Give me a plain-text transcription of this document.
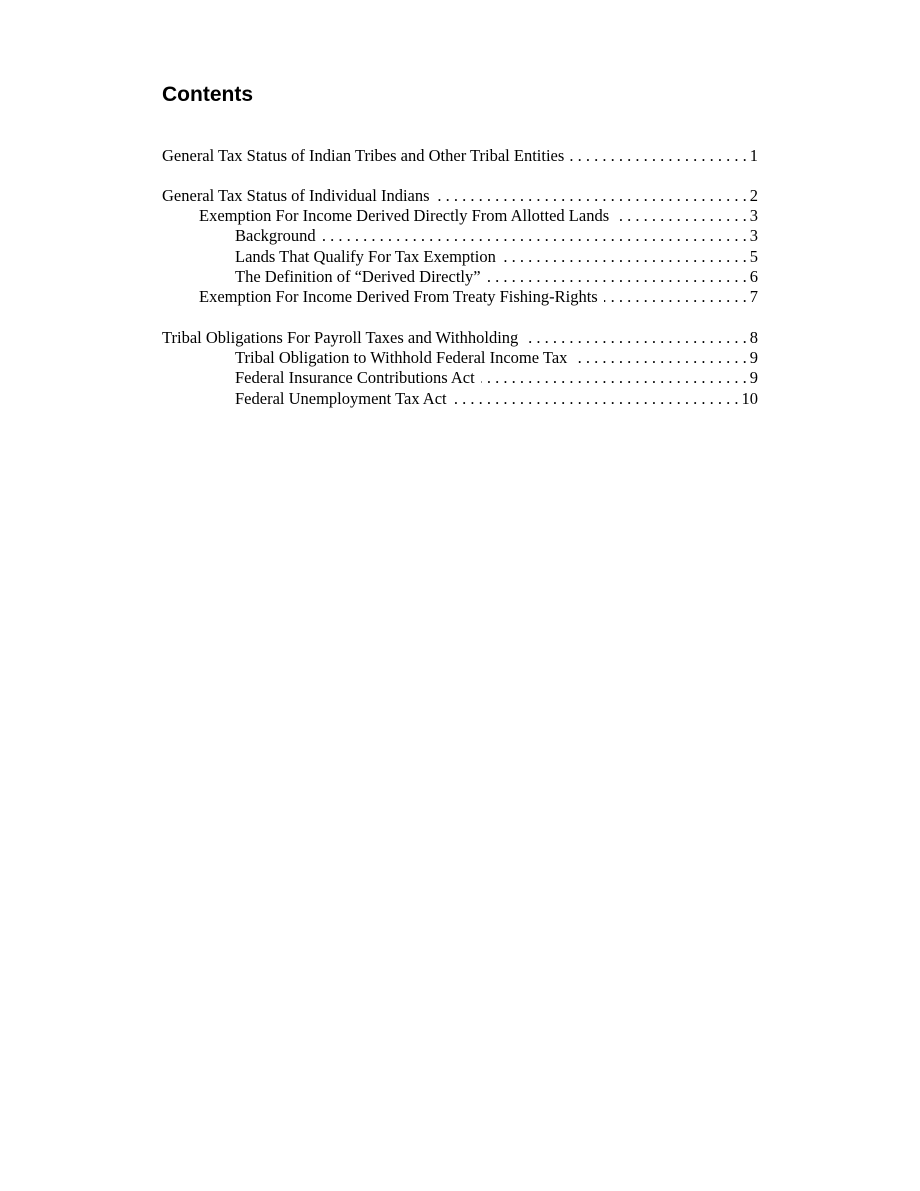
Contents
General Tax Status of Indian Tribes and Other Tribal Entities . . .	1
General Tax Status of Individual Indians . . .	2
Exemption For Income Derived Directly From Allotted Lands . . .	3
Background . . .	3
Lands That Qualify For Tax Exemption . . .	5
The Definition of “Derived Directly” . . .	6
Exemption For Income Derived From Treaty Fishing-Rights . . .	7
Tribal Obligations For Payroll Taxes and Withholding . . .	8
Tribal Obligation to Withhold Federal Income Tax . . .	9
Federal Insurance Contributions Act . . .	9
Federal Unemployment Tax Act . . .	10
